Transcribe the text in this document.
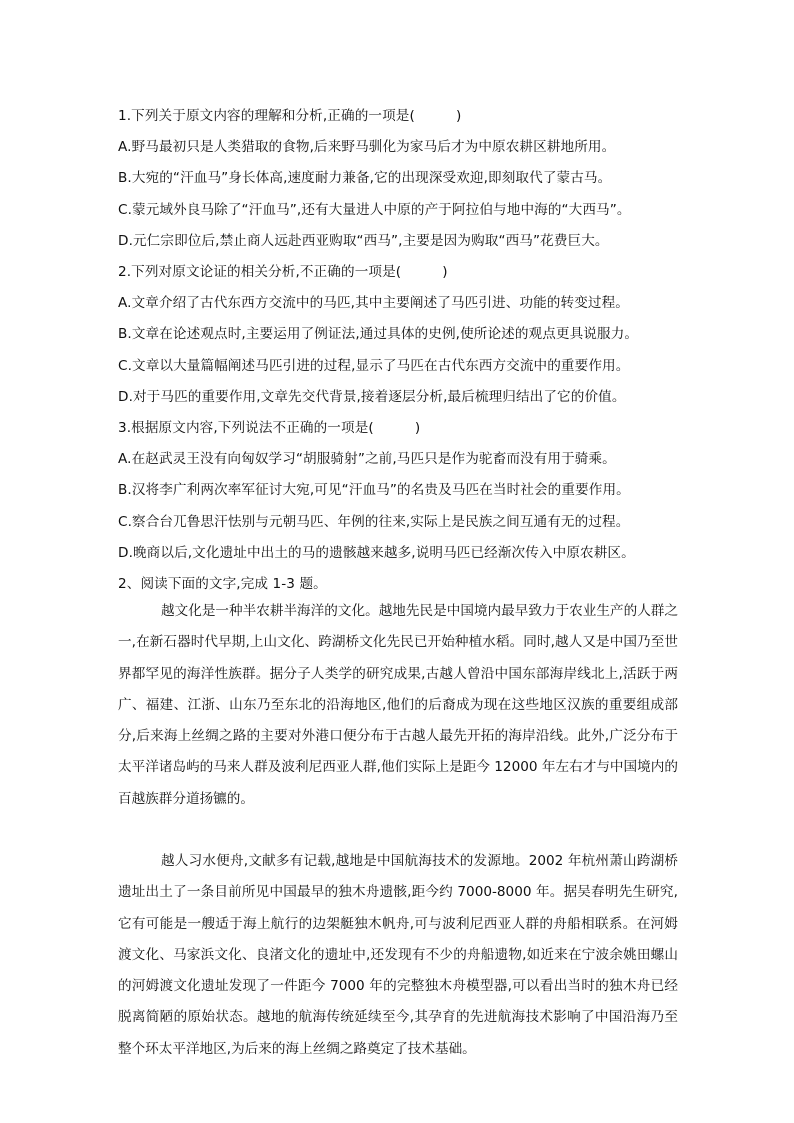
1.下列关于原文内容的理解和分析,正确的一项是(　　　)
A.野马最初只是人类猎取的食物,后来野马驯化为家马后才为中原农耕区耕地所用。
B.大宛的“汗血马”身长体高,速度耐力兼备,它的出现深受欢迎,即刻取代了蒙古马。
C.蒙元域外良马除了“汗血马”,还有大量进人中原的产于阿拉伯与地中海的“大西马”。
D.元仁宗即位后,禁止商人远赴西亚购取“西马”,主要是因为购取“西马”花费巨大。
2.下列对原文论证的相关分析,不正确的一项是(　　　)
A.文章介绍了古代东西方交流中的马匹,其中主要阐述了马匹引进、功能的转变过程。
B.文章在论述观点时,主要运用了例证法,通过具体的史例,使所论述的观点更具说服力。
C.文章以大量篇幅阐述马匹引进的过程,显示了马匹在古代东西方交流中的重要作用。
D.对于马匹的重要作用,文章先交代背景,接着逐层分析,最后梳理归结出了它的价值。
3.根据原文内容,下列说法不正确的一项是(　　　)
A.在赵武灵王没有向匈奴学习“胡服骑射”之前,马匹只是作为驼畜而没有用于骑乘。
B.汉将李广利两次率军征讨大宛,可见“汗血马”的名贵及马匹在当时社会的重要作用。
C.察合台兀鲁思汗怯别与元朝马匹、年例的往来,实际上是民族之间互通有无的过程。
D.晚商以后,文化遗址中出土的马的遗骸越来越多,说明马匹已经渐次传入中原农耕区。
2、阅读下面的文字,完成 1-3 题。

越文化是一种半农耕半海洋的文化。越地先民是中国境内最早致力于农业生产的人群之一,在新石器时代早期,上山文化、跨湖桥文化先民已开始种植水稻。同时,越人又是中国乃至世界都罕见的海洋性族群。据分子人类学的研究成果,古越人曾沿中国东部海岸线北上,活跃于两广、福建、江浙、山东乃至东北的沿海地区,他们的后裔成为现在这些地区汉族的重要组成部分,后来海上丝绸之路的主要对外港口便分布于古越人最先开拓的海岸沿线。此外,广泛分布于太平洋诸岛屿的马来人群及波利尼西亚人群,他们实际上是距今 12000 年左右才与中国境内的百越族群分道扬镳的。

越人习水便舟,文献多有记载,越地是中国航海技术的发源地。2002 年杭州萧山跨湖桥遗址出土了一条目前所见中国最早的独木舟遗骸,距今约 7000-8000 年。据吴春明先生研究,它有可能是一艘适于海上航行的边架艇独木帆舟,可与波利尼西亚人群的舟船相联系。在河姆渡文化、马家浜文化、良渚文化的遗址中,还发现有不少的舟船遗物,如近来在宁波余姚田螺山的河姆渡文化遗址发现了一件距今 7000 年的完整独木舟模型器,可以看出当时的独木舟已经脱离简陋的原始状态。越地的航海传统延续至今,其孕育的先进航海技术影响了中国沿海乃至整个环太平洋地区,为后来的海上丝绸之路奠定了技术基础。
